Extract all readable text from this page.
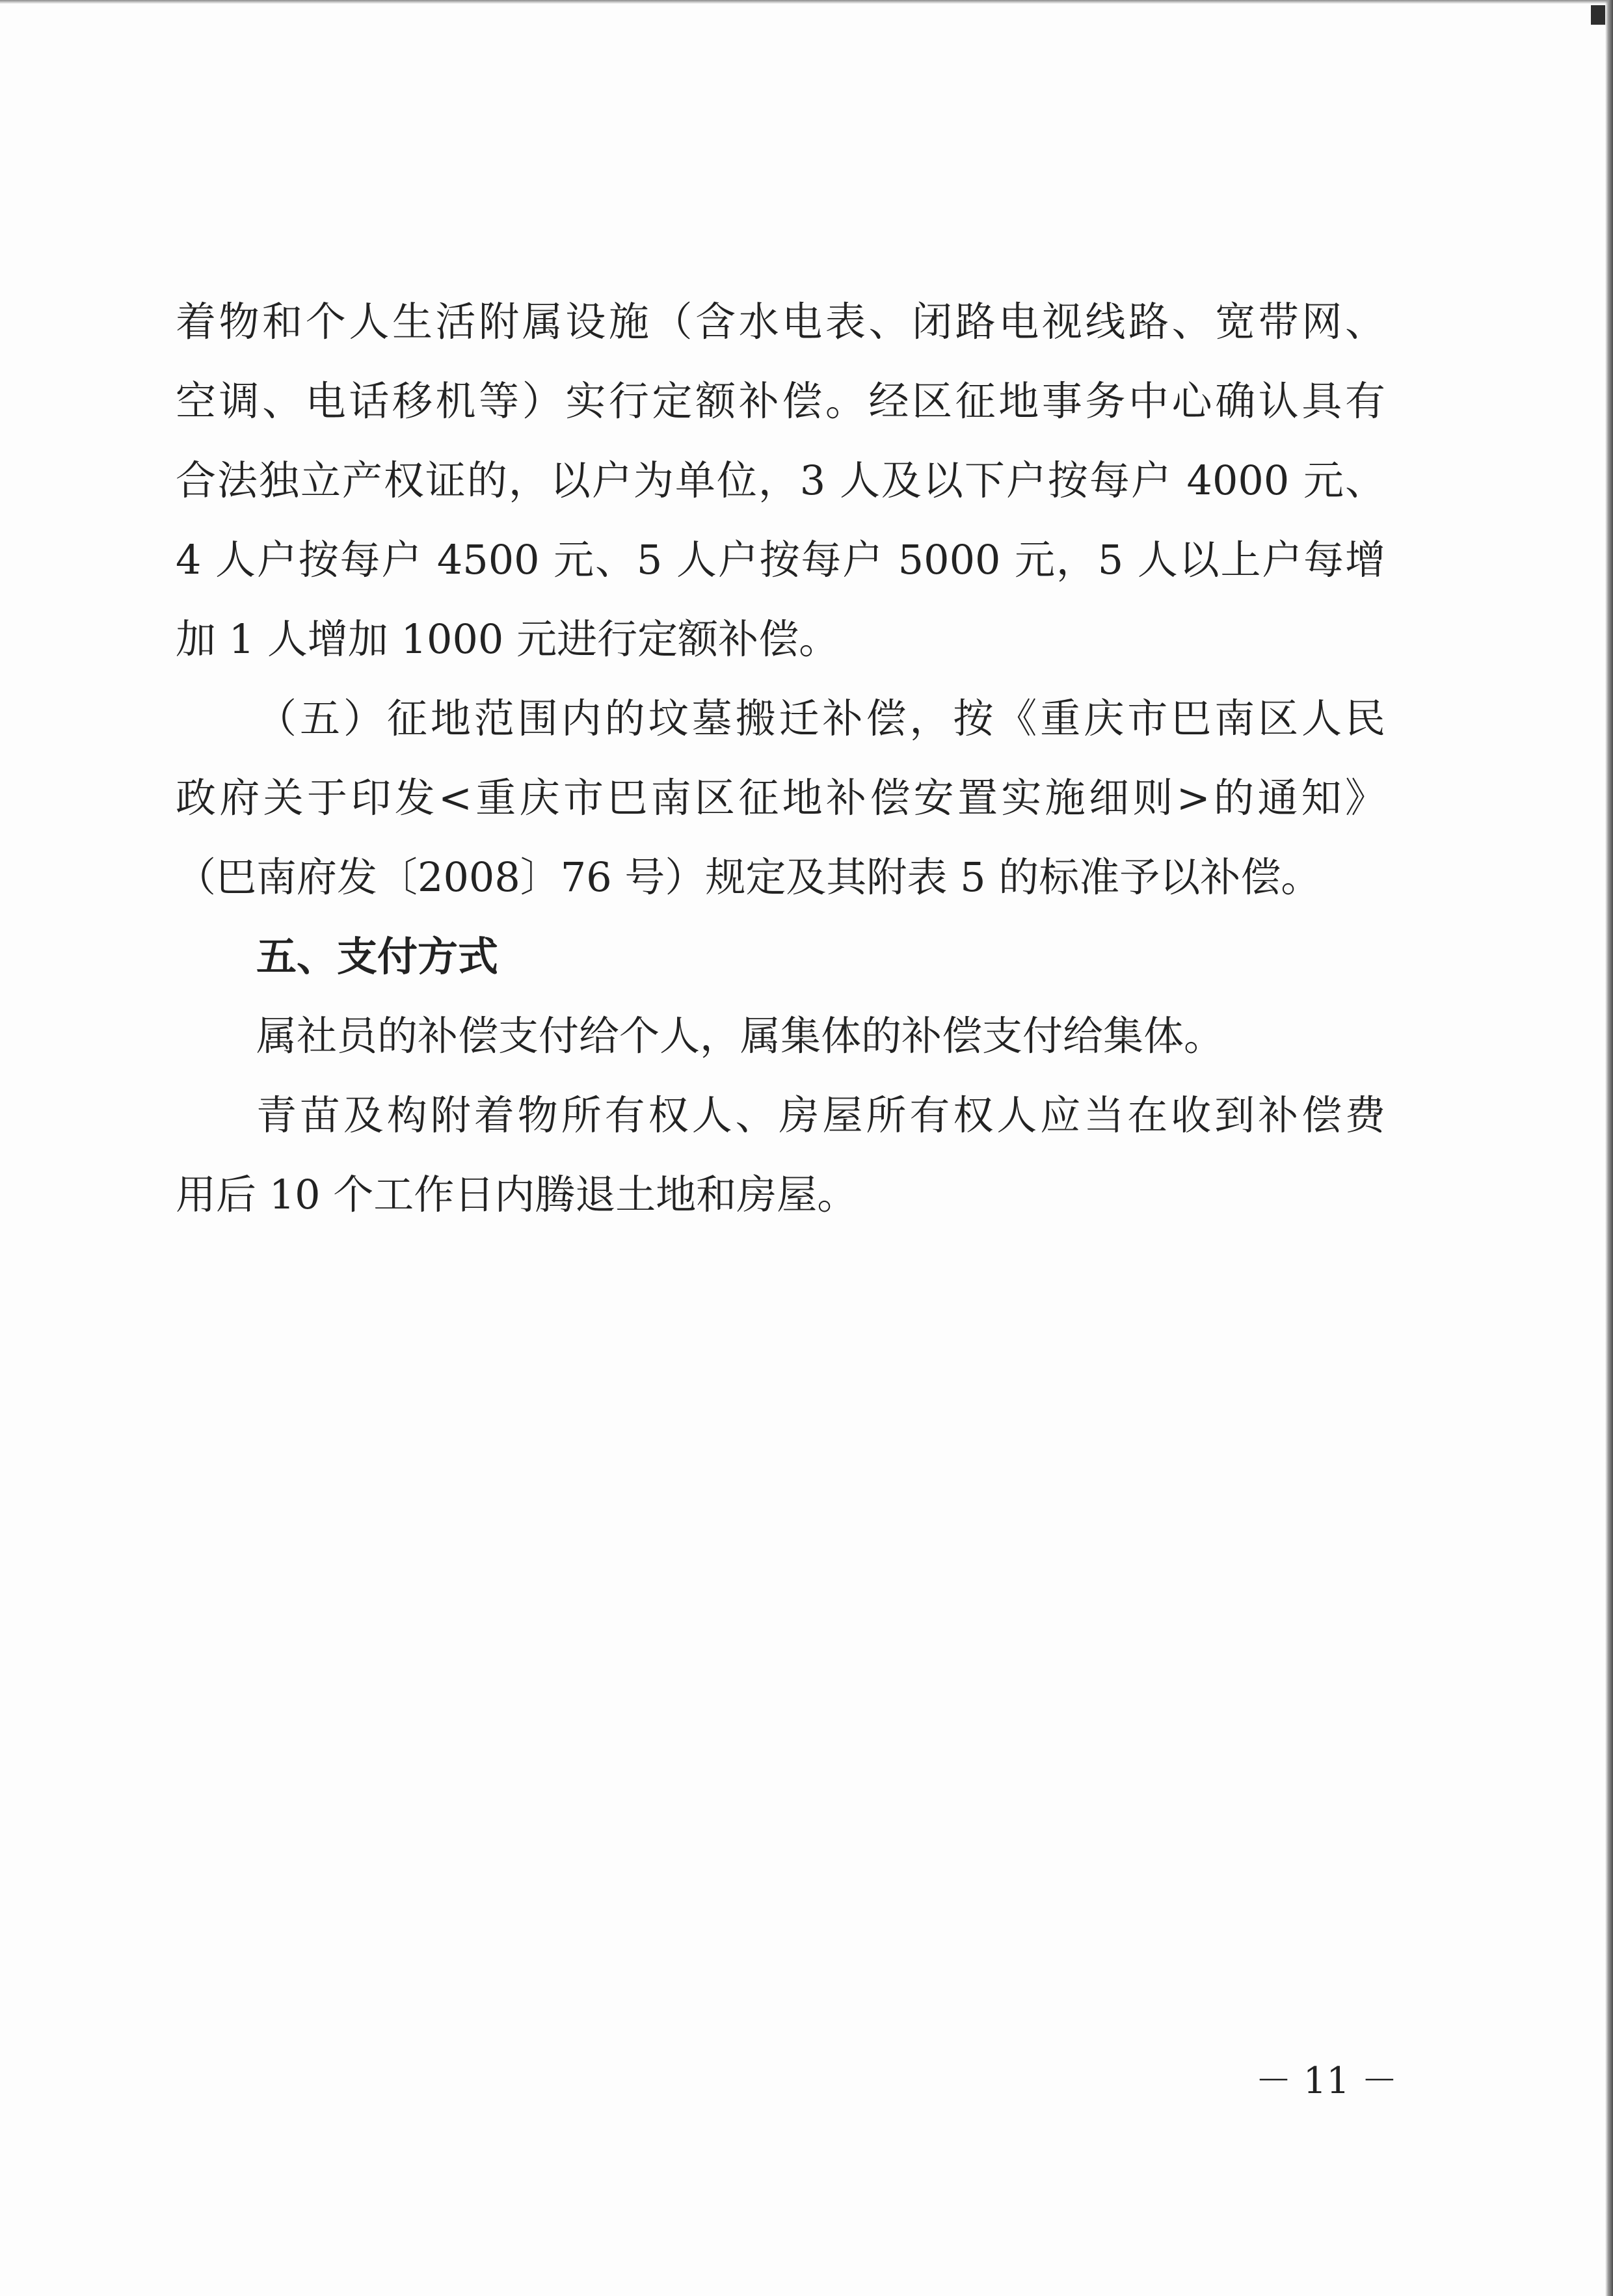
着物和个人生活附属设施（含水电表、闭路电视线路、宽带网、
空调、电话移机等）实行定额补偿。经区征地事务中心确认具有
合法独立产权证的，以户为单位，3 人及以下户按每户 4000 元、
4 人户按每户 4500 元、5 人户按每户 5000 元，5 人以上户每增
加 1 人增加 1000 元进行定额补偿。
（五）征地范围内的坟墓搬迁补偿，按《重庆市巴南区人民
政府关于印发<重庆市巴南区征地补偿安置实施细则>的通知》
（巴南府发〔2008〕76 号）规定及其附表 5 的标准予以补偿。
五、支付方式
属社员的补偿支付给个人，属集体的补偿支付给集体。
青苗及构附着物所有权人、房屋所有权人应当在收到补偿费
用后 10 个工作日内腾退土地和房屋。
－ 11 －
